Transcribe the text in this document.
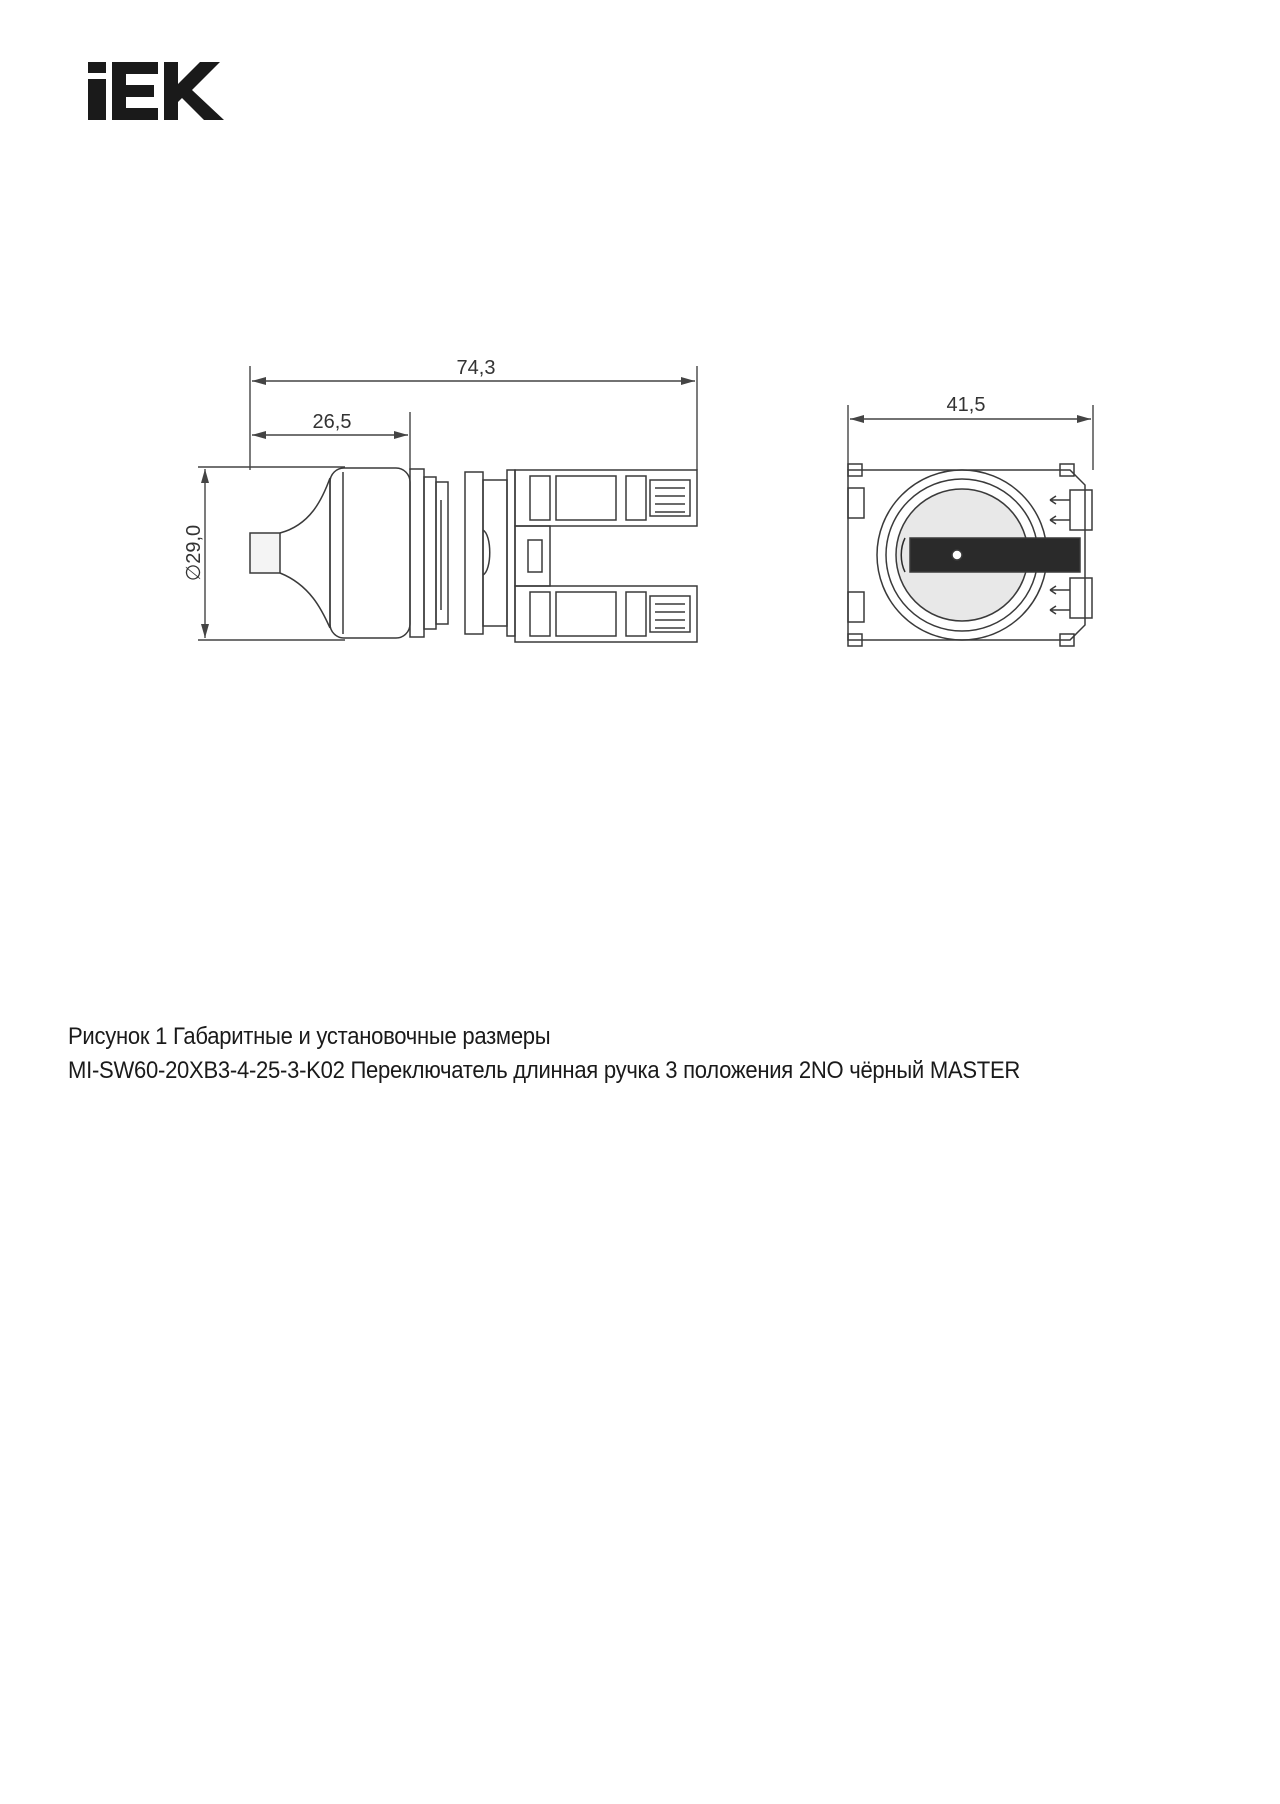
74,3
26,5
41,5
∅29,0
Рисунок 1 Габаритные и установочные размеры
MI-SW60-20XB3-4-25-3-K02 Переключатель длинная ручка 3 положения 2NO чёрный MASTER
